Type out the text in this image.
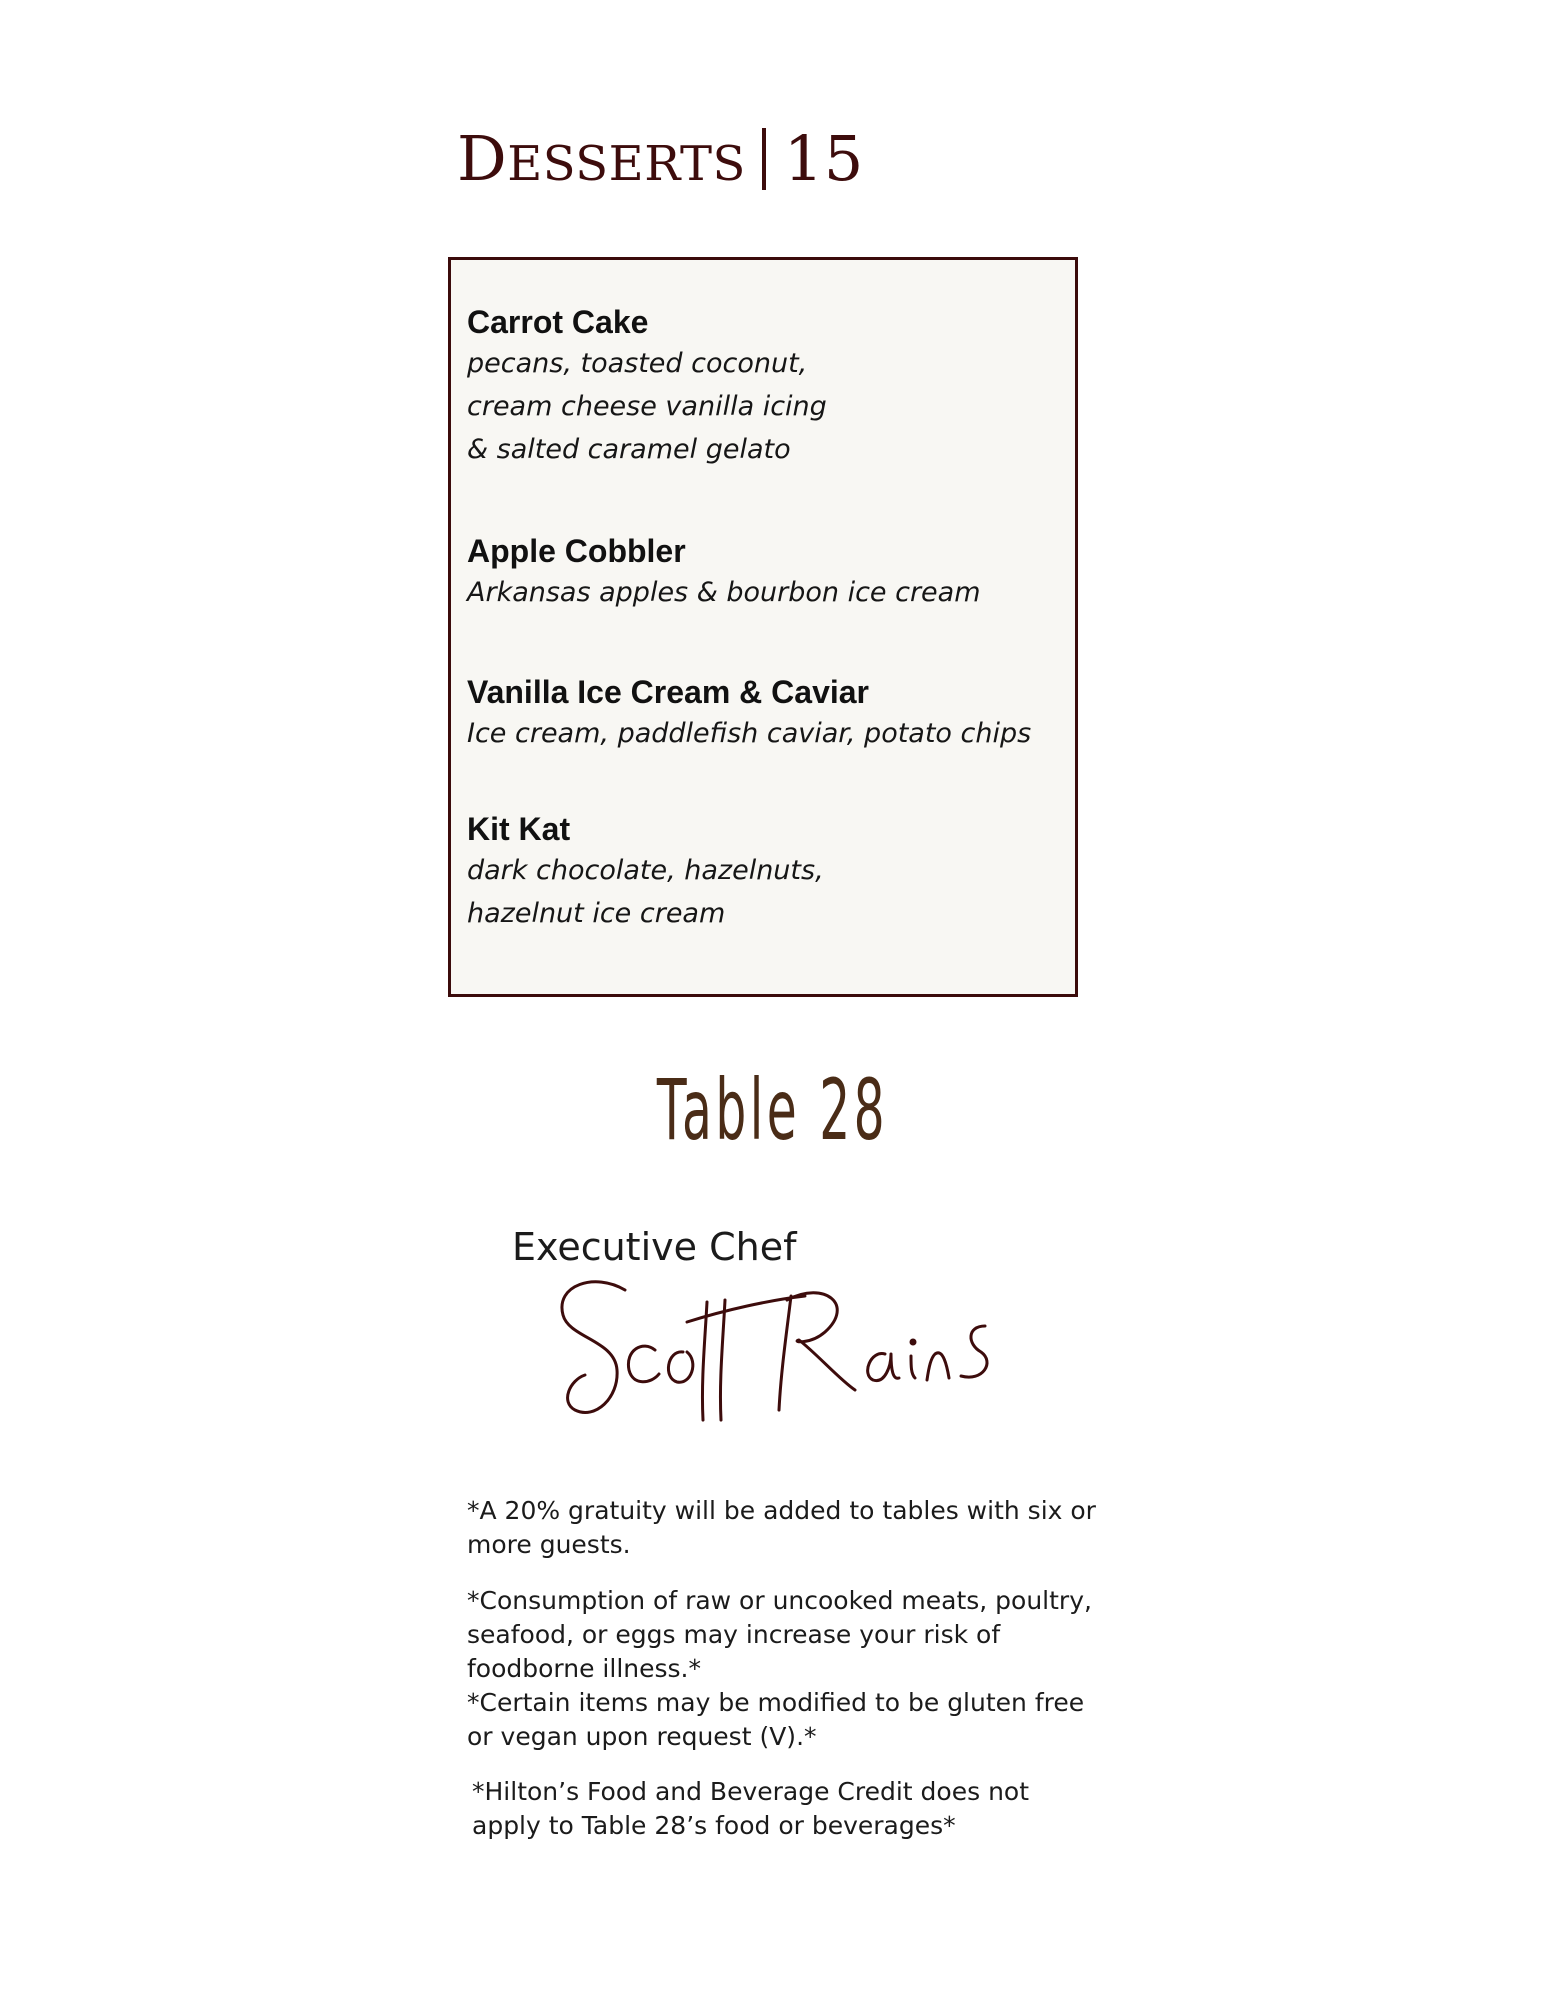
DESSERTS 15
Carrot Cake
pecans, toasted coconut,
cream cheese vanilla icing
& salted caramel gelato
Apple Cobbler
Arkansas apples & bourbon ice cream
Vanilla Ice Cream & Caviar
Ice cream, paddlefish caviar, potato chips
Kit Kat
dark chocolate, hazelnuts,
hazelnut ice cream
Table 28
Executive Chef
*A 20% gratuity will be added to tables with six or
more guests.
*Consumption of raw or uncooked meats, poultry,
seafood, or eggs may increase your risk of
foodborne illness.*
*Certain items may be modified to be gluten free
or vegan upon request (V).*
*Hilton’s Food and Beverage Credit does not
apply to Table 28’s food or beverages*
